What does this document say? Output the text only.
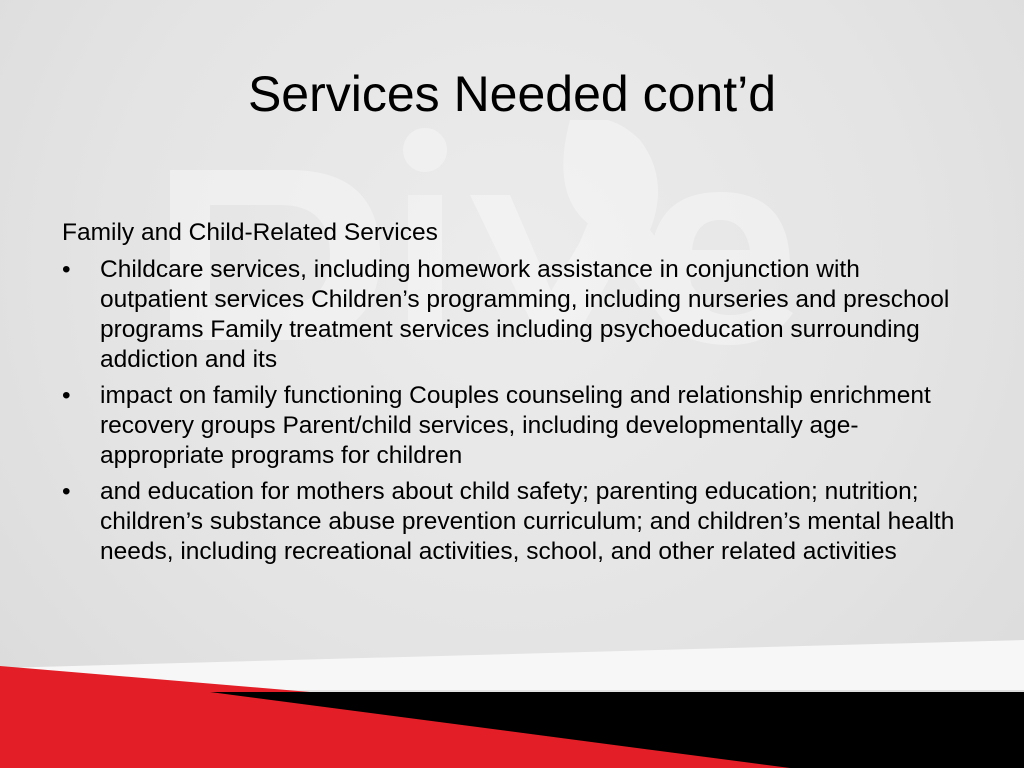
Services Needed cont’d
Family and Child-Related Services
•	Childcare services, including homework assistance in conjunction with outpatient services Children’s programming, including nurseries and preschool programs Family treatment services including psychoeducation surrounding addiction and its
•	impact on family functioning Couples counseling and relationship enrichment recovery groups Parent/child services, including developmentally age-appropriate programs for children
•	and education for mothers about child safety; parenting education; nutrition; children’s substance abuse prevention curriculum; and children’s mental health needs, including recreational activities, school, and other related activities
